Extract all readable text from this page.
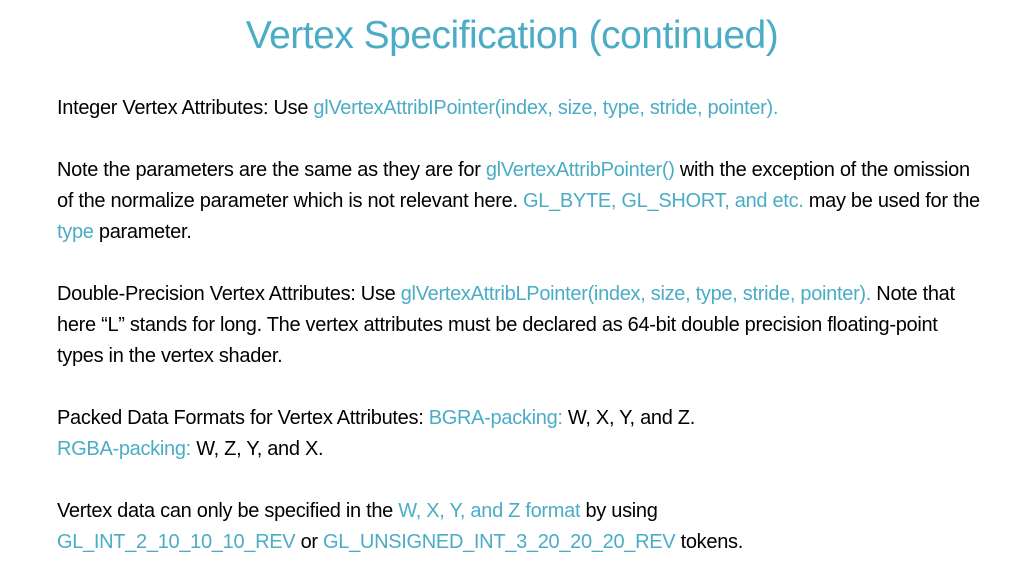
Vertex Specification (continued)

Integer Vertex Attributes: Use glVertexAttribIPointer(index, size, type, stride, pointer).

Note the parameters are the same as they are for glVertexAttribPointer() with the exception of the omission of the normalize parameter which is not relevant here. GL_BYTE, GL_SHORT, and etc. may be used for the type parameter.

Double-Precision Vertex Attributes: Use glVertexAttribLPointer(index, size, type, stride, pointer). Note that here “L” stands for long. The vertex attributes must be declared as 64-bit double precision floating-point types in the vertex shader.

Packed Data Formats for Vertex Attributes: BGRA-packing: W, X, Y, and Z.
RGBA-packing: W, Z, Y, and X.

Vertex data can only be specified in the W, X, Y, and Z format by using
GL_INT_2_10_10_10_REV or GL_UNSIGNED_INT_3_20_20_20_REV tokens.
